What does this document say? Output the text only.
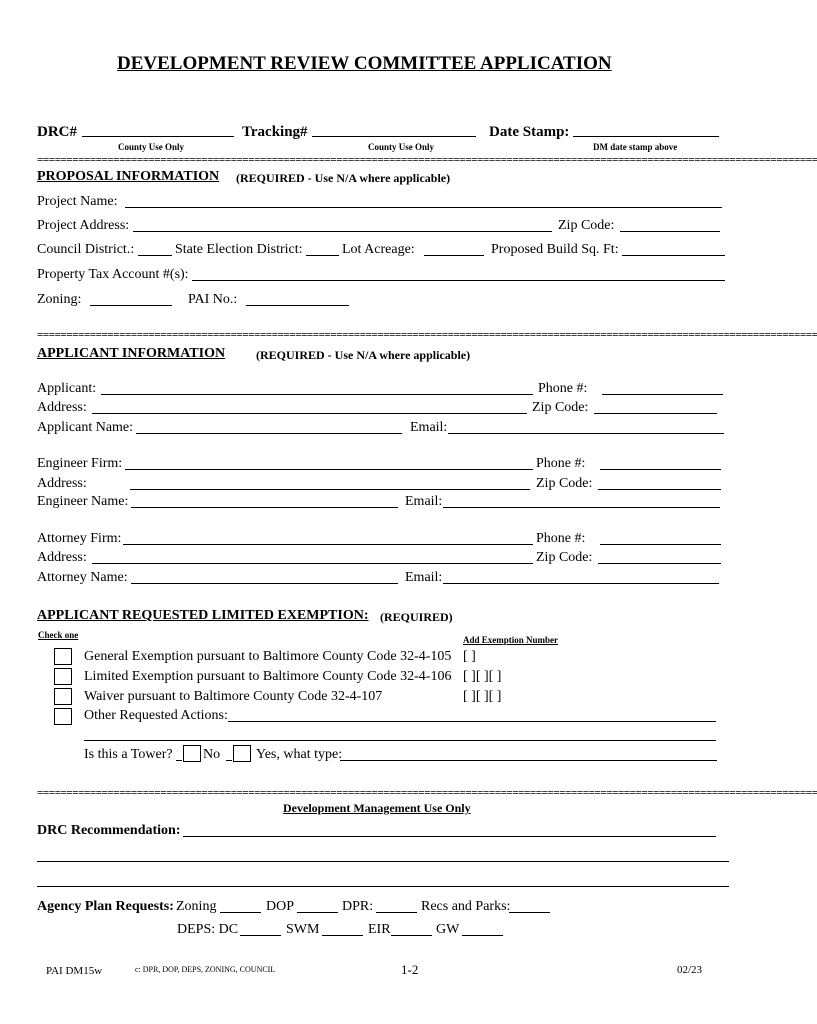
DEVELOPMENT REVIEW COMMITTEE APPLICATION
DRC#
County Use Only
Tracking#
County Use Only
Date Stamp:
DM date stamp above
=====================================================================================================================================
PROPOSAL INFORMATION (REQUIRED - Use N/A where applicable)
Project Name:
Project Address:	Zip Code:
Council District.:	State Election District:	Lot Acreage:	Proposed Build Sq. Ft:
Property Tax Account #(s):
Zoning:	PAI No.:
=====================================================================================================================================
APPLICANT INFORMATION	(REQUIRED - Use N/A where applicable)
Applicant:	Phone #:
Address:	Zip Code:
Applicant Name:	Email:
Engineer Firm:	Phone #:
Address:	Zip Code:
Engineer Name:	Email:
Attorney Firm:	Phone #:
Address:	Zip Code:
Attorney Name:	Email:
APPLICANT REQUESTED LIMITED EXEMPTION: (REQUIRED)
Check one	Add Exemption Number
General Exemption pursuant to Baltimore County Code 32-4-105 [ ]
Limited Exemption pursuant to Baltimore County Code 32-4-106 [ ][ ][ ]
Waiver pursuant to Baltimore County Code 32-4-107	[ ][ ][ ]
Other Requested Actions:
Is this a Tower? No	Yes, what type:
=====================================================================================================================================
Development Management Use Only
DRC Recommendation:
Agency Plan Requests: Zoning	DOP	DPR:	Recs and Parks:
DEPS: DC	SWM	EIR	GW
PAI DM15w	c: DPR, DOP, DEPS, ZONING, COUNCIL	1-2	02/23
